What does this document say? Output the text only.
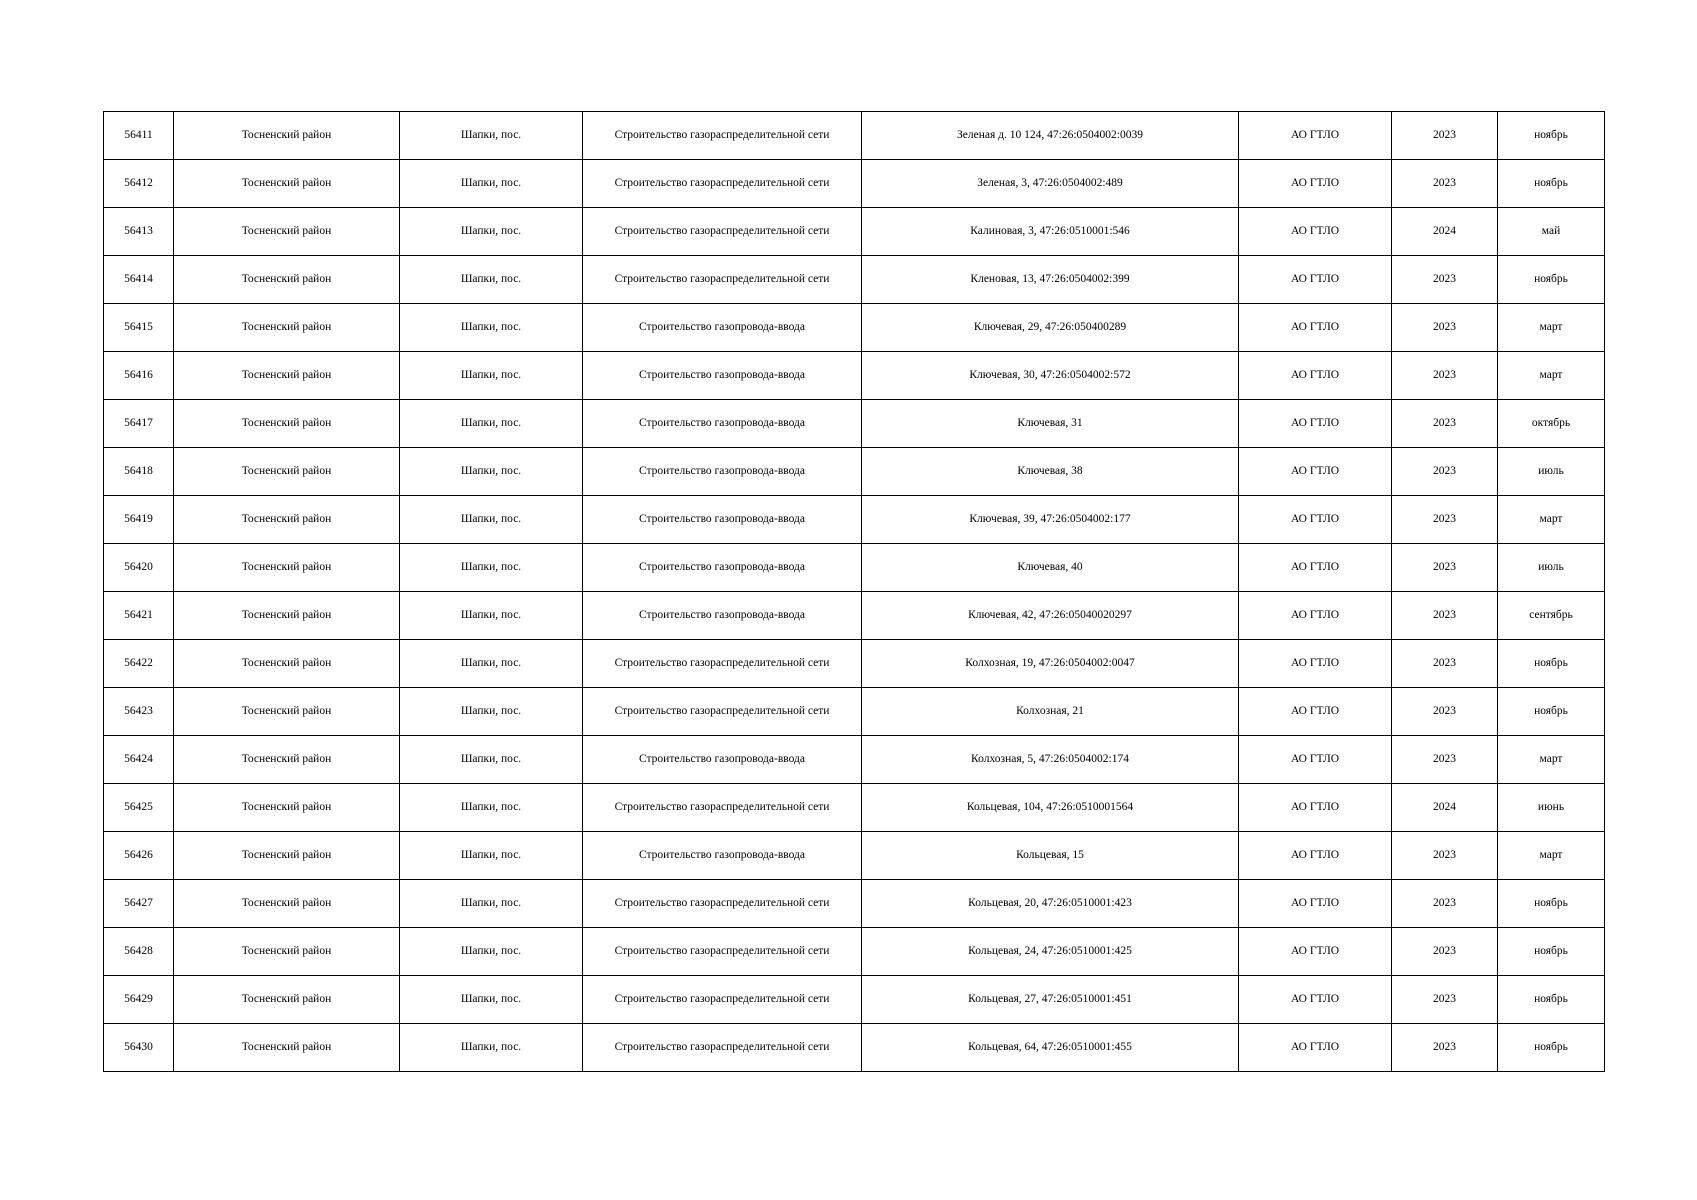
56411	Тосненский район	Шапки, пос.	Строительство газораспределительной сети	Зеленая д. 10 124, 47:26:0504002:0039	АО ГТЛО	2023	ноябрь
56412	Тосненский район	Шапки, пос.	Строительство газораспределительной сети	Зеленая, 3, 47:26:0504002:489	АО ГТЛО	2023	ноябрь
56413	Тосненский район	Шапки, пос.	Строительство газораспределительной сети	Калиновая, 3, 47:26:0510001:546	АО ГТЛО	2024	май
56414	Тосненский район	Шапки, пос.	Строительство газораспределительной сети	Кленовая, 13, 47:26:0504002:399	АО ГТЛО	2023	ноябрь
56415	Тосненский район	Шапки, пос.	Строительство газопровода-ввода	Ключевая, 29, 47:26:050400289	АО ГТЛО	2023	март
56416	Тосненский район	Шапки, пос.	Строительство газопровода-ввода	Ключевая, 30, 47:26:0504002:572	АО ГТЛО	2023	март
56417	Тосненский район	Шапки, пос.	Строительство газопровода-ввода	Ключевая, 31	АО ГТЛО	2023	октябрь
56418	Тосненский район	Шапки, пос.	Строительство газопровода-ввода	Ключевая, 38	АО ГТЛО	2023	июль
56419	Тосненский район	Шапки, пос.	Строительство газопровода-ввода	Ключевая, 39, 47:26:0504002:177	АО ГТЛО	2023	март
56420	Тосненский район	Шапки, пос.	Строительство газопровода-ввода	Ключевая, 40	АО ГТЛО	2023	июль
56421	Тосненский район	Шапки, пос.	Строительство газопровода-ввода	Ключевая, 42, 47:26:05040020297	АО ГТЛО	2023	сентябрь
56422	Тосненский район	Шапки, пос.	Строительство газораспределительной сети	Колхозная, 19, 47:26:0504002:0047	АО ГТЛО	2023	ноябрь
56423	Тосненский район	Шапки, пос.	Строительство газораспределительной сети	Колхозная, 21	АО ГТЛО	2023	ноябрь
56424	Тосненский район	Шапки, пос.	Строительство газопровода-ввода	Колхозная, 5, 47:26:0504002:174	АО ГТЛО	2023	март
56425	Тосненский район	Шапки, пос.	Строительство газораспределительной сети	Кольцевая, 104, 47:26:0510001564	АО ГТЛО	2024	июнь
56426	Тосненский район	Шапки, пос.	Строительство газопровода-ввода	Кольцевая, 15	АО ГТЛО	2023	март
56427	Тосненский район	Шапки, пос.	Строительство газораспределительной сети	Кольцевая, 20, 47:26:0510001:423	АО ГТЛО	2023	ноябрь
56428	Тосненский район	Шапки, пос.	Строительство газораспределительной сети	Кольцевая, 24, 47:26:0510001:425	АО ГТЛО	2023	ноябрь
56429	Тосненский район	Шапки, пос.	Строительство газораспределительной сети	Кольцевая, 27, 47:26:0510001:451	АО ГТЛО	2023	ноябрь
56430	Тосненский район	Шапки, пос.	Строительство газораспределительной сети	Кольцевая, 64, 47:26:0510001:455	АО ГТЛО	2023	ноябрь
